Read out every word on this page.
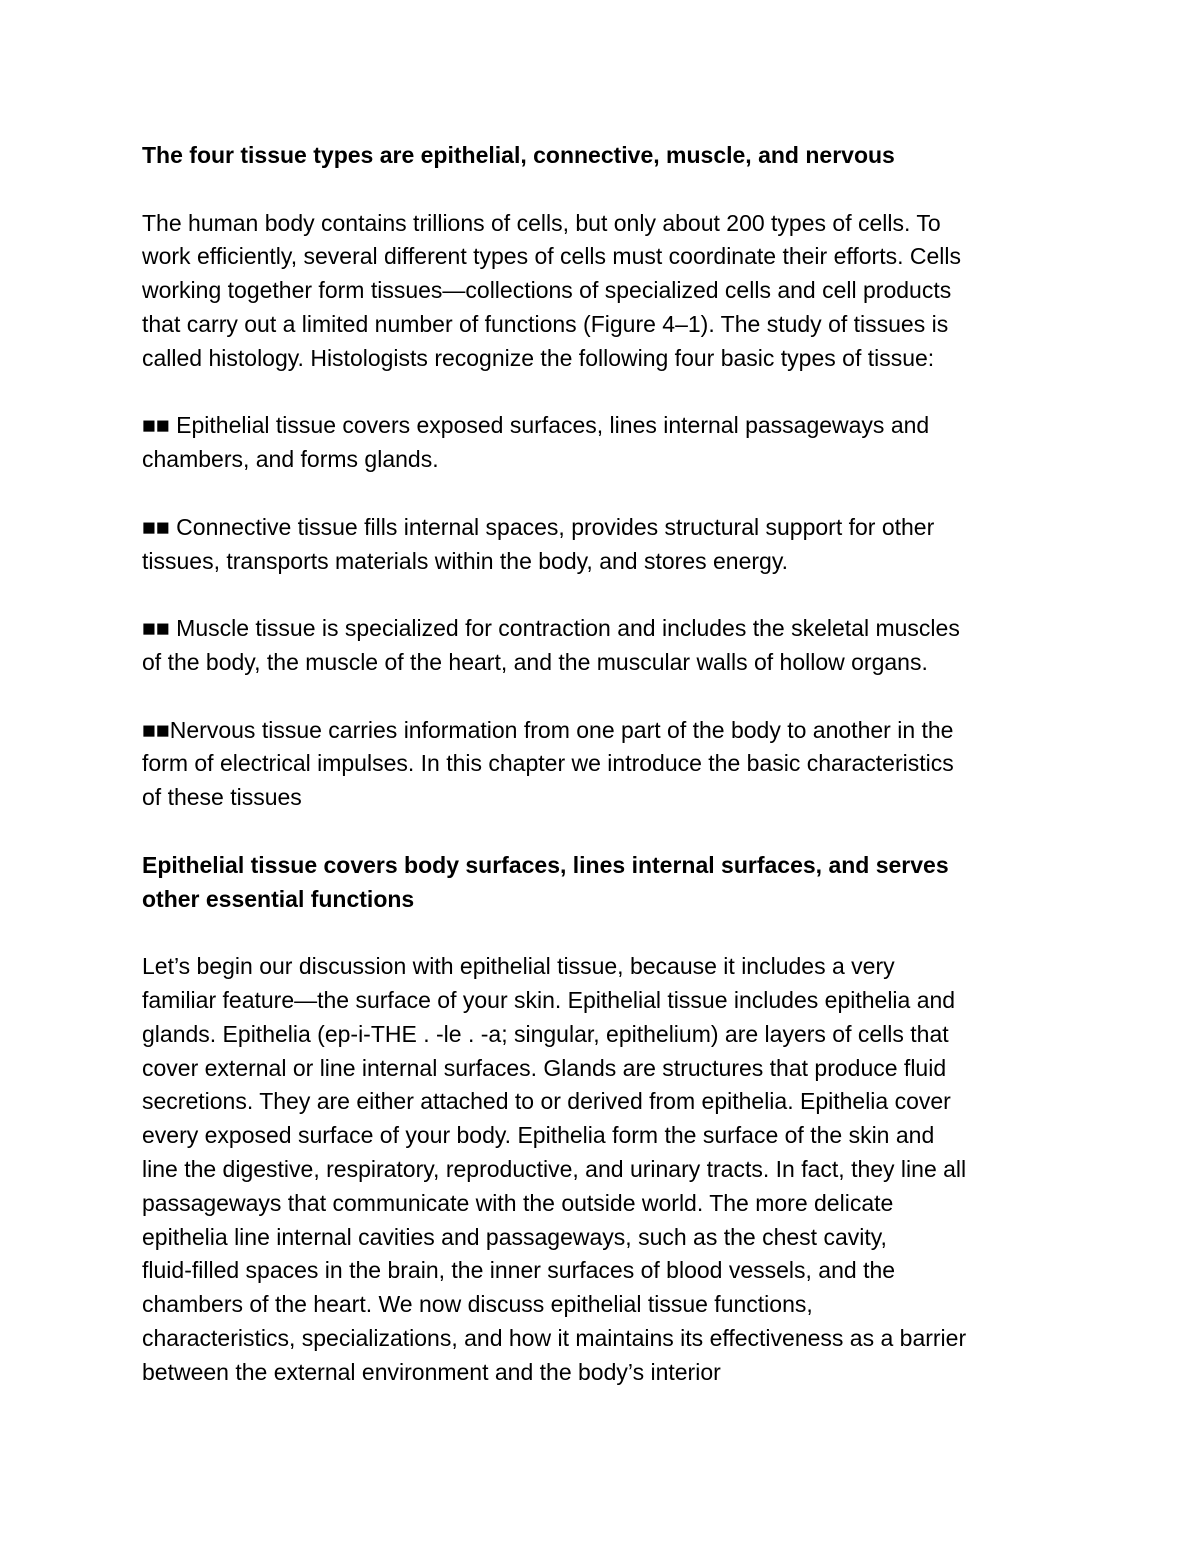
The four tissue types are epithelial, connective, muscle, and nervous

The human body contains trillions of cells, but only about 200 types of cells. To
work efficiently, several different types of cells must coordinate their efforts. Cells
working together form tissues—collections of specialized cells and cell products
that carry out a limited number of functions (Figure 4–1). The study of tissues is
called histology. Histologists recognize the following four basic types of tissue:

■■ Epithelial tissue covers exposed surfaces, lines internal passageways and
chambers, and forms glands.

■■ Connective tissue fills internal spaces, provides structural support for other
tissues, transports materials within the body, and stores energy.

■■ Muscle tissue is specialized for contraction and includes the skeletal muscles
of the body, the muscle of the heart, and the muscular walls of hollow organs.

■■Nervous tissue carries information from one part of the body to another in the
form of electrical impulses. In this chapter we introduce the basic characteristics
of these tissues

Epithelial tissue covers body surfaces, lines internal surfaces, and serves
other essential functions

Let’s begin our discussion with epithelial tissue, because it includes a very
familiar feature—the surface of your skin. Epithelial tissue includes epithelia and
glands. Epithelia (ep-i-THE . -le . -a; singular, epithelium) are layers of cells that
cover external or line internal surfaces. Glands are structures that produce fluid
secretions. They are either attached to or derived from epithelia. Epithelia cover
every exposed surface of your body. Epithelia form the surface of the skin and
line the digestive, respiratory, reproductive, and urinary tracts. In fact, they line all
passageways that communicate with the outside world. The more delicate
epithelia line internal cavities and passageways, such as the chest cavity,
fluid-filled spaces in the brain, the inner surfaces of blood vessels, and the
chambers of the heart. We now discuss epithelial tissue functions,
characteristics, specializations, and how it maintains its effectiveness as a barrier
between the external environment and the body’s interior
